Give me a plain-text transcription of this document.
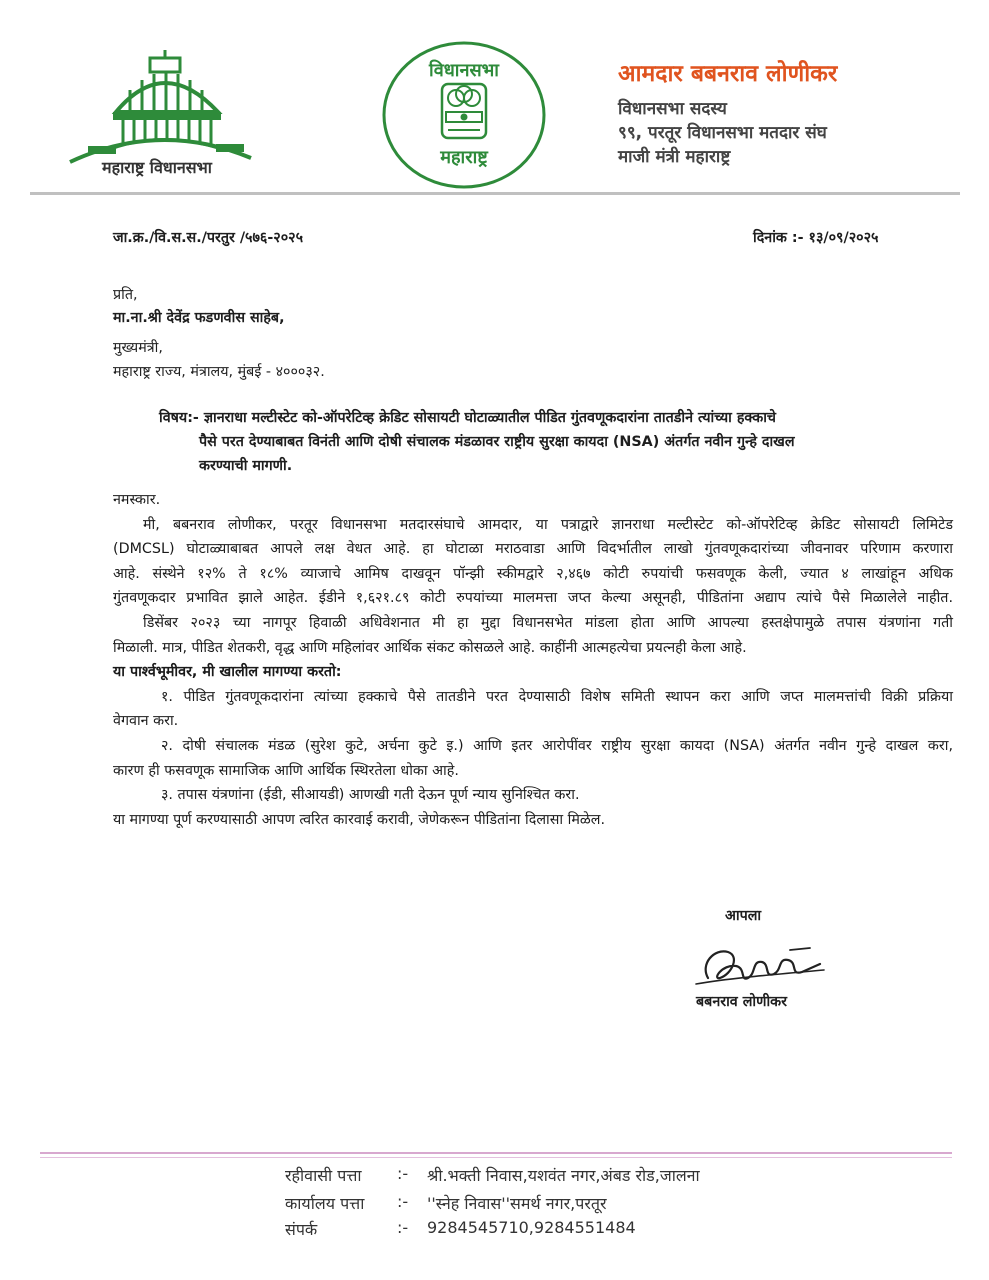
महाराष्ट्र विधानसभा
विधानसभा
महाराष्ट्र
आमदार बबनराव लोणीकर
विधानसभा सदस्य
९९, परतूर विधानसभा मतदार संघ
माजी मंत्री महाराष्ट्र
जा.क्र./वि.स.स./परतुर /५७६-२०२५	दिनांक :- १३/०९/२०२५
प्रति,
मा.ना.श्री देवेंद्र फडणवीस साहेब,
मुख्यमंत्री,
महाराष्ट्र राज्य, मंत्रालय, मुंबई - ४०००३२.
विषय:- ज्ञानराधा मल्टीस्टेट को-ऑपरेटिव्ह क्रेडिट सोसायटी घोटाळ्यातील पीडित गुंतवणूकदारांना तातडीने त्यांच्या हक्काचे
पैसे परत देण्याबाबत विनंती आणि दोषी संचालक मंडळावर राष्ट्रीय सुरक्षा कायदा (NSA) अंतर्गत नवीन गुन्हे दाखल
करण्याची मागणी.
नमस्कार.
मी, बबनराव लोणीकर, परतूर विधानसभा मतदारसंघाचे आमदार, या पत्राद्वारे ज्ञानराधा मल्टीस्टेट को-ऑपरेटिव्ह क्रेडिट सोसायटी लिमिटेड
(DMCSL) घोटाळ्याबाबत आपले लक्ष वेधत आहे. हा घोटाळा मराठवाडा आणि विदर्भातील लाखो गुंतवणूकदारांच्या जीवनावर परिणाम करणारा
आहे. संस्थेने १२% ते १८% व्याजाचे आमिष दाखवून पॉन्झी स्कीमद्वारे २,४६७ कोटी रुपयांची फसवणूक केली, ज्यात ४ लाखांहून अधिक
गुंतवणूकदार प्रभावित झाले आहेत. ईडीने १,६२१.८९ कोटी रुपयांच्या मालमत्ता जप्त केल्या असूनही, पीडितांना अद्याप त्यांचे पैसे मिळालेले नाहीत.
डिसेंबर २०२३ च्या नागपूर हिवाळी अधिवेशनात मी हा मुद्दा विधानसभेत मांडला होता आणि आपल्या हस्तक्षेपामुळे तपास यंत्रणांना गती
मिळाली. मात्र, पीडित शेतकरी, वृद्ध आणि महिलांवर आर्थिक संकट कोसळले आहे. काहींनी आत्महत्येचा प्रयत्नही केला आहे.
या पार्श्वभूमीवर, मी खालील मागण्या करतो:
१. पीडित गुंतवणूकदारांना त्यांच्या हक्काचे पैसे तातडीने परत देण्यासाठी विशेष समिती स्थापन करा आणि जप्त मालमत्तांची विक्री प्रक्रिया
वेगवान करा.
२. दोषी संचालक मंडळ (सुरेश कुटे, अर्चना कुटे इ.) आणि इतर आरोपींवर राष्ट्रीय सुरक्षा कायदा (NSA) अंतर्गत नवीन गुन्हे दाखल करा,
कारण ही फसवणूक सामाजिक आणि आर्थिक स्थिरतेला धोका आहे.
३. तपास यंत्रणांना (ईडी, सीआयडी) आणखी गती देऊन पूर्ण न्याय सुनिश्चित करा.
या मागण्या पूर्ण करण्यासाठी आपण त्वरित कारवाई करावी, जेणेकरून पीडितांना दिलासा मिळेल.
आपला
बबनराव लोणीकर
रहीवासी पत्ता :- श्री.भक्ती निवास,यशवंत नगर,अंबड रोड,जालना
कार्यालय पत्ता :- ''स्नेह निवास''समर्थ नगर,परतूर
संपर्क	:- 9284545710,9284551484
